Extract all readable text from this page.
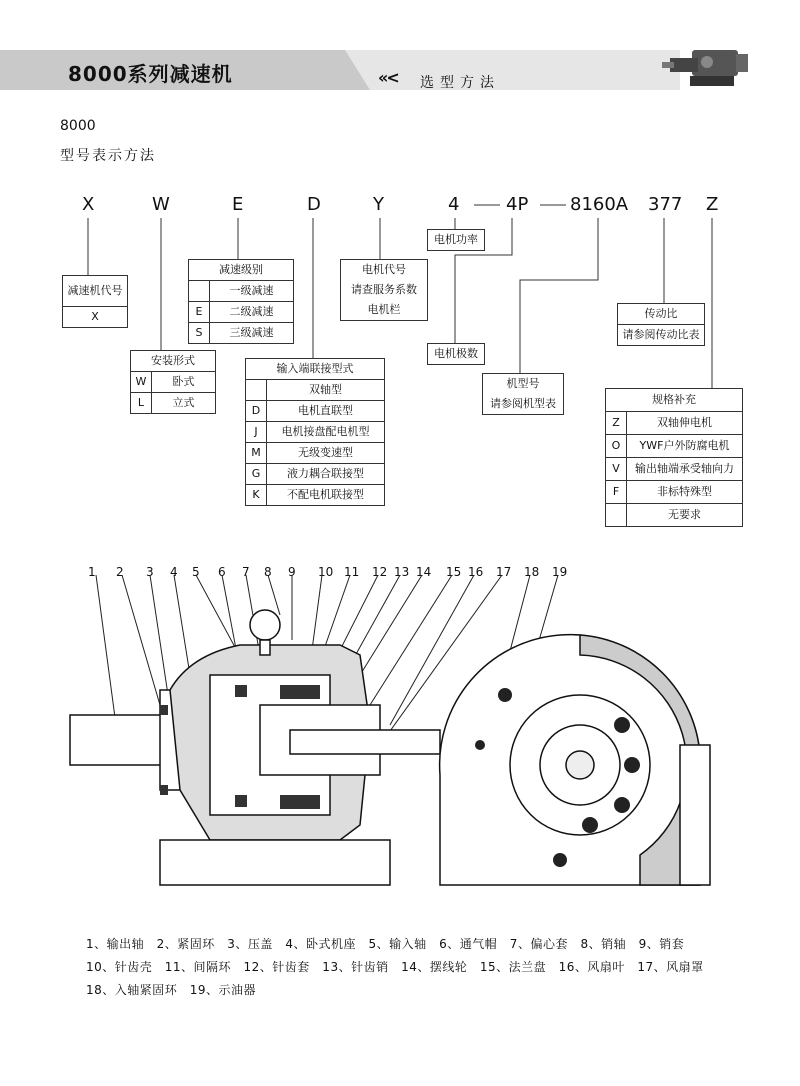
8000系列减速机	«< 选型方法
8000
型号表示方法
X	W	E	D	Y	4	4P 8160A 377 Z
减速机代号
X
减速级别
一级减速
E	二级减速
S	三级减速
安装形式
W	卧式
L	立式
输入端联接型式
双轴型
D	电机直联型
J	电机接盘配电机型
M	无级变速型
G	液力耦合联接型
K	不配电机联接型
电机代号
请查服务系数
电机栏
电机功率
电机极数
机型号
请参阅机型表
传动比
请参阅传动比表
规格补充
Z	双轴伸电机
O	YWF户外防腐电机
V	输出轴端承受轴向力
F	非标特殊型
无要求
1 2 3 4 5 6 7 8 9 10 11 12 13 14 15 16 17 18 19
1、输出轴　2、紧固环　3、压盖　4、卧式机座　5、输入轴　6、通气帽　7、偏心套　8、销轴　9、销套
10、针齿壳　11、间隔环　12、针齿套　13、针齿销　14、摆线轮　15、法兰盘　16、风扇叶　17、风扇罩
18、入轴紧固环　19、示油器
